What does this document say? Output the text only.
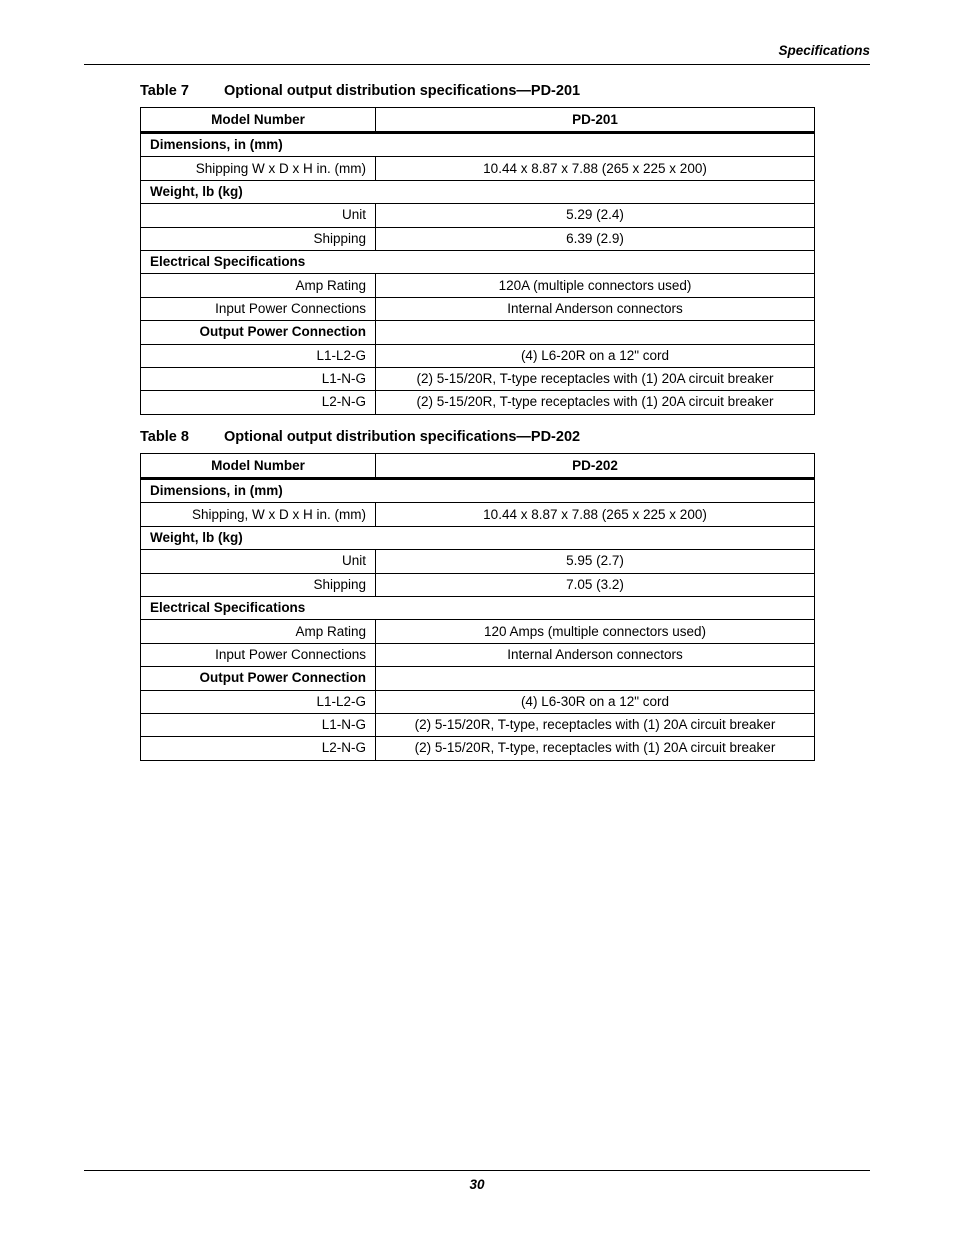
Specifications
Table 7 Optional output distribution specifications—PD-201
Model Number	PD-201
Dimensions, in (mm)	
Shipping W x D x H in. (mm)	10.44 x 8.87 x 7.88 (265 x 225 x 200)
Weight, lb (kg)	
Unit	5.29 (2.4)
Shipping	6.39 (2.9)
Electrical Specifications	
Amp Rating	120A (multiple connectors used)
Input Power Connections	Internal Anderson connectors
Output Power Connection	
L1-L2-G	(4) L6-20R on a 12" cord
L1-N-G	(2) 5-15/20R, T-type receptacles with (1) 20A circuit breaker
L2-N-G	(2) 5-15/20R, T-type receptacles with (1) 20A circuit breaker
Table 8 Optional output distribution specifications—PD-202
Model Number	PD-202
Dimensions, in (mm)	
Shipping, W x D x H in. (mm)	10.44 x 8.87 x 7.88 (265 x 225 x 200)
Weight, lb (kg)	
Unit	5.95 (2.7)
Shipping	7.05 (3.2)
Electrical Specifications	
Amp Rating	120 Amps (multiple connectors used)
Input Power Connections	Internal Anderson connectors
Output Power Connection	
L1-L2-G	(4) L6-30R on a 12" cord
L1-N-G	(2) 5-15/20R, T-type, receptacles with (1) 20A circuit breaker
L2-N-G	(2) 5-15/20R, T-type, receptacles with (1) 20A circuit breaker
30
